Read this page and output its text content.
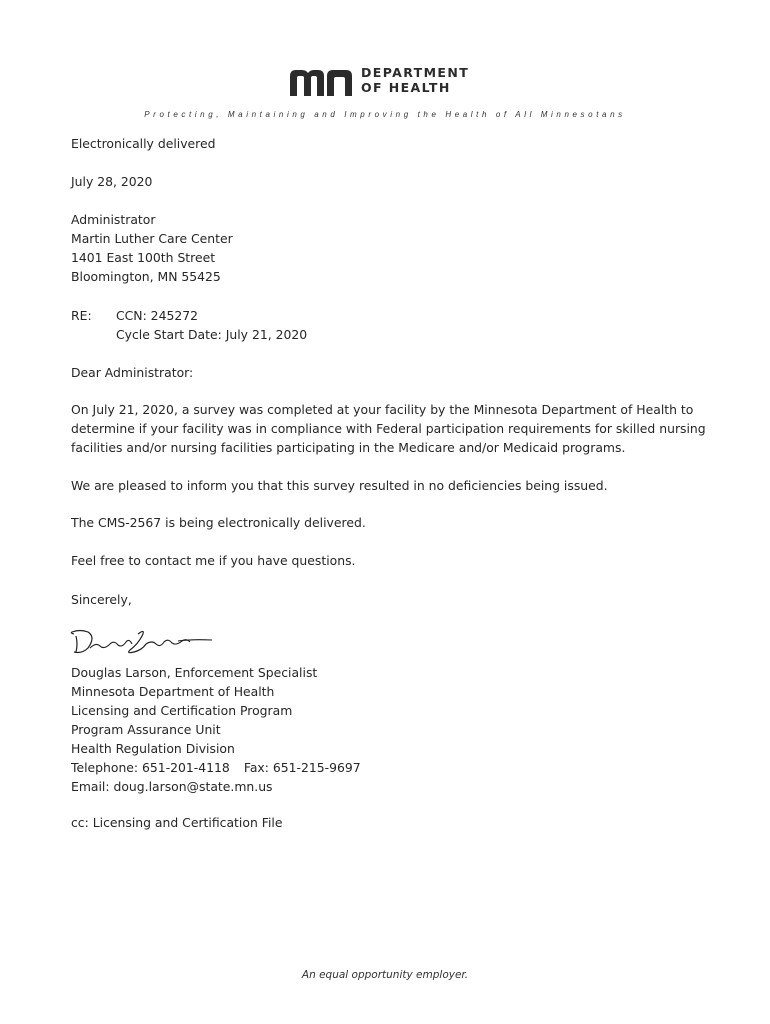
DEPARTMENT
OF HEALTH
Protecting, Maintaining and Improving the Health of All Minnesotans
Electronically delivered
July 28, 2020
Administrator
Martin Luther Care Center
1401 East 100th Street
Bloomington, MN 55425
RE: CCN: 245272
Cycle Start Date: July 21, 2020
Dear Administrator:
On July 21, 2020, a survey was completed at your facility by the Minnesota Department of Health to
determine if your facility was in compliance with Federal participation requirements for skilled nursing
facilities and/or nursing facilities participating in the Medicare and/or Medicaid programs.
We are pleased to inform you that this survey resulted in no deficiencies being issued.
The CMS-2567 is being electronically delivered.
Feel free to contact me if you have questions.
Sincerely,
Douglas Larson, Enforcement Specialist
Minnesota Department of Health
Licensing and Certification Program
Program Assurance Unit
Health Regulation Division
Telephone: 651-201-4118 Fax: 651-215-9697
Email: doug.larson@state.mn.us
cc: Licensing and Certification File
An equal opportunity employer.
